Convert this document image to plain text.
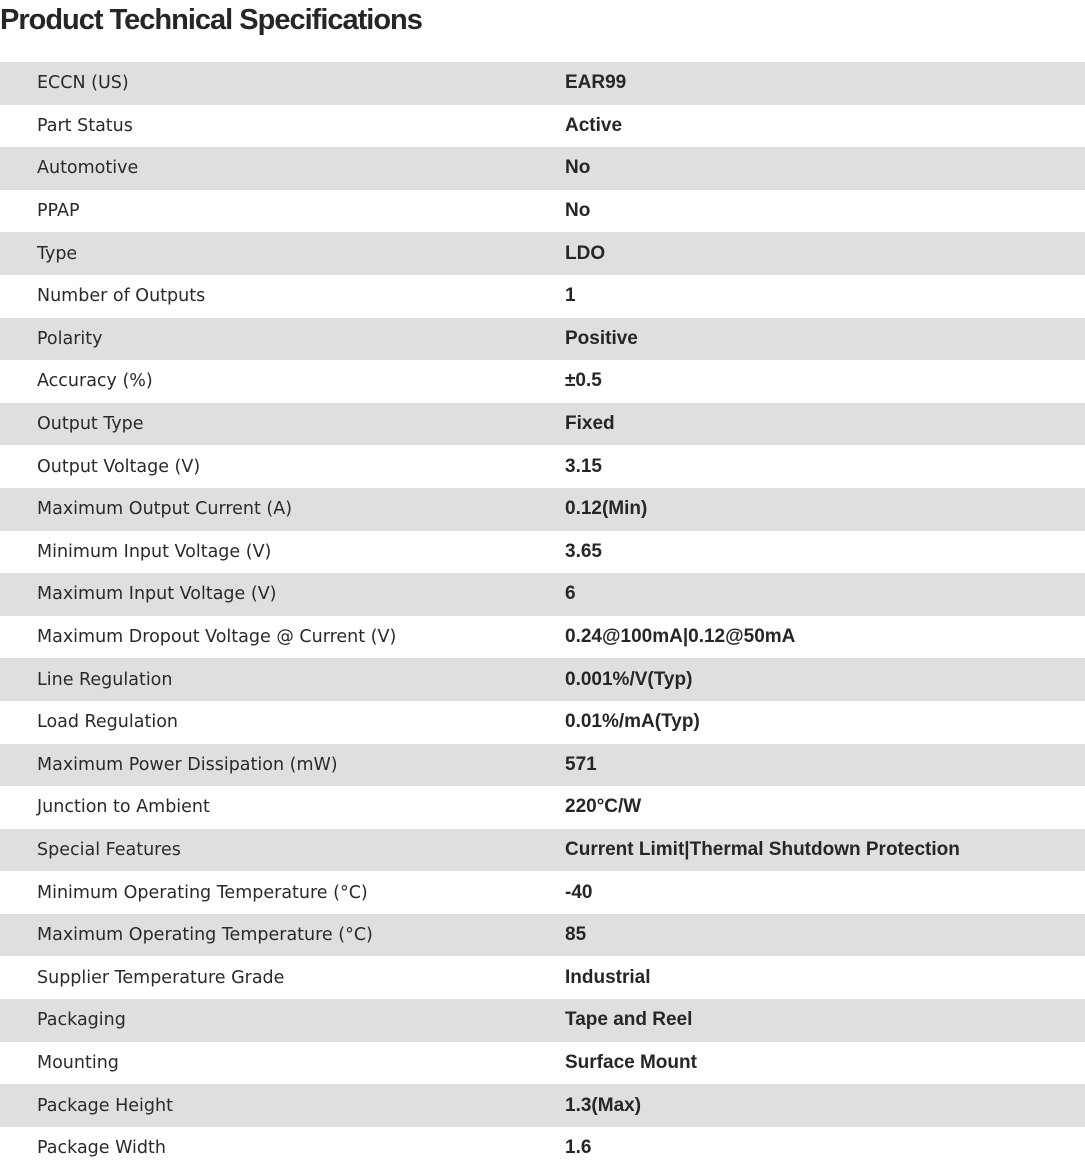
Product Technical Specifications
ECCN (US)	EAR99
Part Status	Active
Automotive	No
PPAP	No
Type	LDO
Number of Outputs	1
Polarity	Positive
Accuracy (%)	±0.5
Output Type	Fixed
Output Voltage (V)	3.15
Maximum Output Current (A)	0.12(Min)
Minimum Input Voltage (V)	3.65
Maximum Input Voltage (V)	6
Maximum Dropout Voltage @ Current (V)	0.24@100mA|0.12@50mA
Line Regulation	0.001%/V(Typ)
Load Regulation	0.01%/mA(Typ)
Maximum Power Dissipation (mW)	571
Junction to Ambient	220°C/W
Special Features	Current Limit|Thermal Shutdown Protection
Minimum Operating Temperature (°C)	-40
Maximum Operating Temperature (°C)	85
Supplier Temperature Grade	Industrial
Packaging	Tape and Reel
Mounting	Surface Mount
Package Height	1.3(Max)
Package Width	1.6
